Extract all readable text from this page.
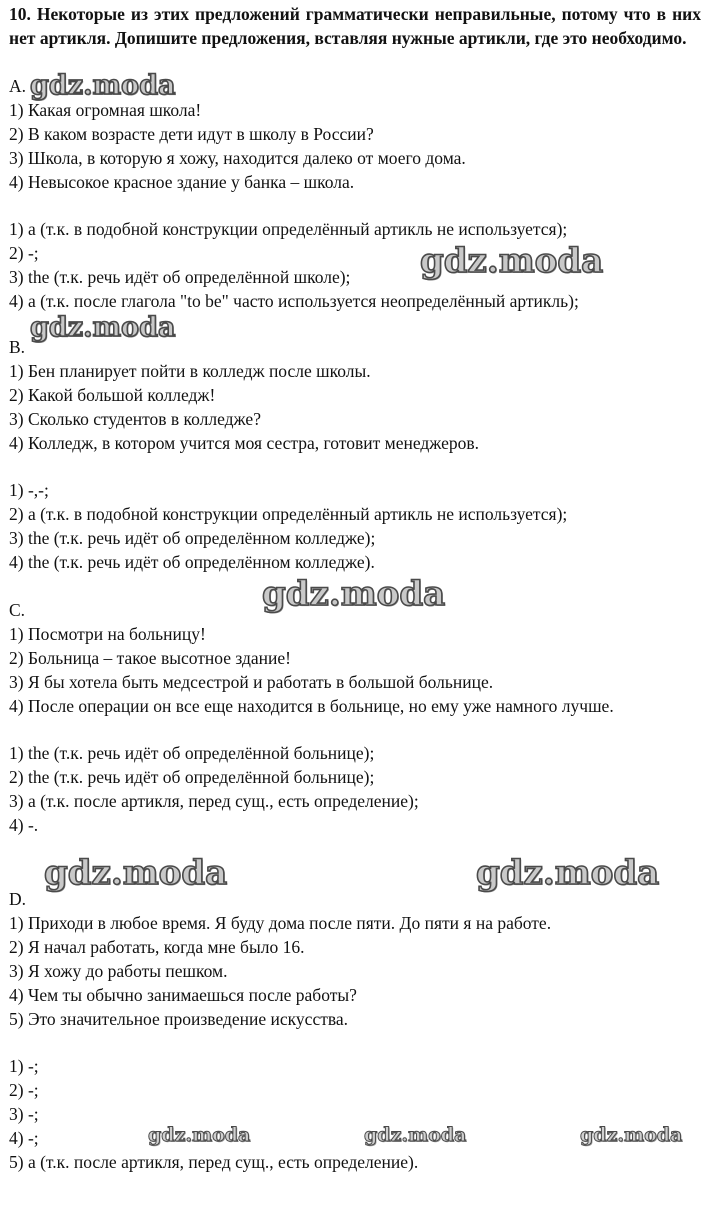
10. Некоторые из этих предложений грамматически неправильные, потому что в них нет артикля. Допишите предложения, вставляя нужные артикли, где это необходимо.
A.
1) Какая огромная школа!
2) В каком возрасте дети идут в школу в России?
3) Школа, в которую я хожу, находится далеко от моего дома.
4) Невысокое красное здание у банка – школа.
1) a (т.к. в подобной конструкции определённый артикль не используется);
2) -;
3) the (т.к. речь идёт об определённой школе);
4) a (т.к. после глагола "to be" часто используется неопределённый артикль);
B.
1) Бен планирует пойти в колледж после школы.
2) Какой большой колледж!
3) Сколько студентов в колледже?
4) Колледж, в котором учится моя сестра, готовит менеджеров.
1) -,-;
2) a (т.к. в подобной конструкции определённый артикль не используется);
3) the (т.к. речь идёт об определённом колледже);
4) the (т.к. речь идёт об определённом колледже).
C.
1) Посмотри на больницу!
2) Больница – такое высотное здание!
3) Я бы хотела быть медсестрой и работать в большой больнице.
4) После операции он все еще находится в больнице, но ему уже намного лучше.
1) the (т.к. речь идёт об определённой больнице);
2) the (т.к. речь идёт об определённой больнице);
3) a (т.к. после артикля, перед сущ., есть определение);
4) -.
D.
1) Приходи в любое время. Я буду дома после пяти. До пяти я на работе.
2) Я начал работать, когда мне было 16.
3) Я хожу до работы пешком.
4) Чем ты обычно занимаешься после работы?
5) Это значительное произведение искусства.
1) -;
2) -;
3) -;
4) -;
5) a (т.к. после артикля, перед сущ., есть определение).
gdz.moda
gdz.moda
gdz.moda
gdz.moda
gdz.moda	gdz.moda
gdz.moda	gdz.moda	gdz.moda
